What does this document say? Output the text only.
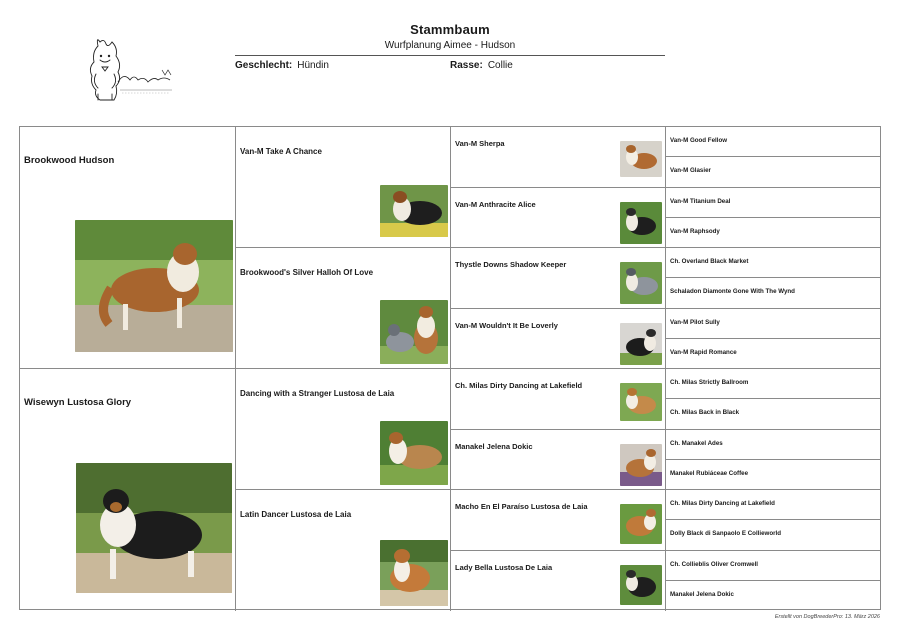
Stammbaum
Wurfplanung Aimee - Hudson
Geschlecht: Hündin	Rasse: Collie
Brookwood Hudson
Wisewyn Lustosa Glory
Van-M Take A Chance
Brookwood's Silver Halloh Of Love
Dancing with a Stranger Lustosa de Laia
Latin Dancer Lustosa de Laia
Van-M Sherpa
Van-M Anthracite Alice
Thystle Downs Shadow Keeper
Van-M Wouldn't It Be Loverly
Ch. Milas Dirty Dancing at Lakefield
Manakel Jelena Dokic
Macho En El Paraíso Lustosa de Laia
Lady Bella Lustosa De Laia
Van-M Good Fellow
Van-M Glasier
Van-M Titanium Deal
Van-M Raphsody
Ch. Overland Black Market
Schaladon Diamonte Gone With The Wynd
Van-M Pilot Sully
Van-M Rapid Romance
Ch. Milas Strictly Ballroom
Ch. Milas Back in Black
Ch. Manakel Ades
Manakel Rubiáceae Coffee
Ch. Milas Dirty Dancing at Lakefield
Dolly Black di Sanpaolo E Collieworld
Ch. Collieblis Oliver Cromwell
Manakel Jelena Dokic
Erstellt von DogBreederPro: 13. März 2026
